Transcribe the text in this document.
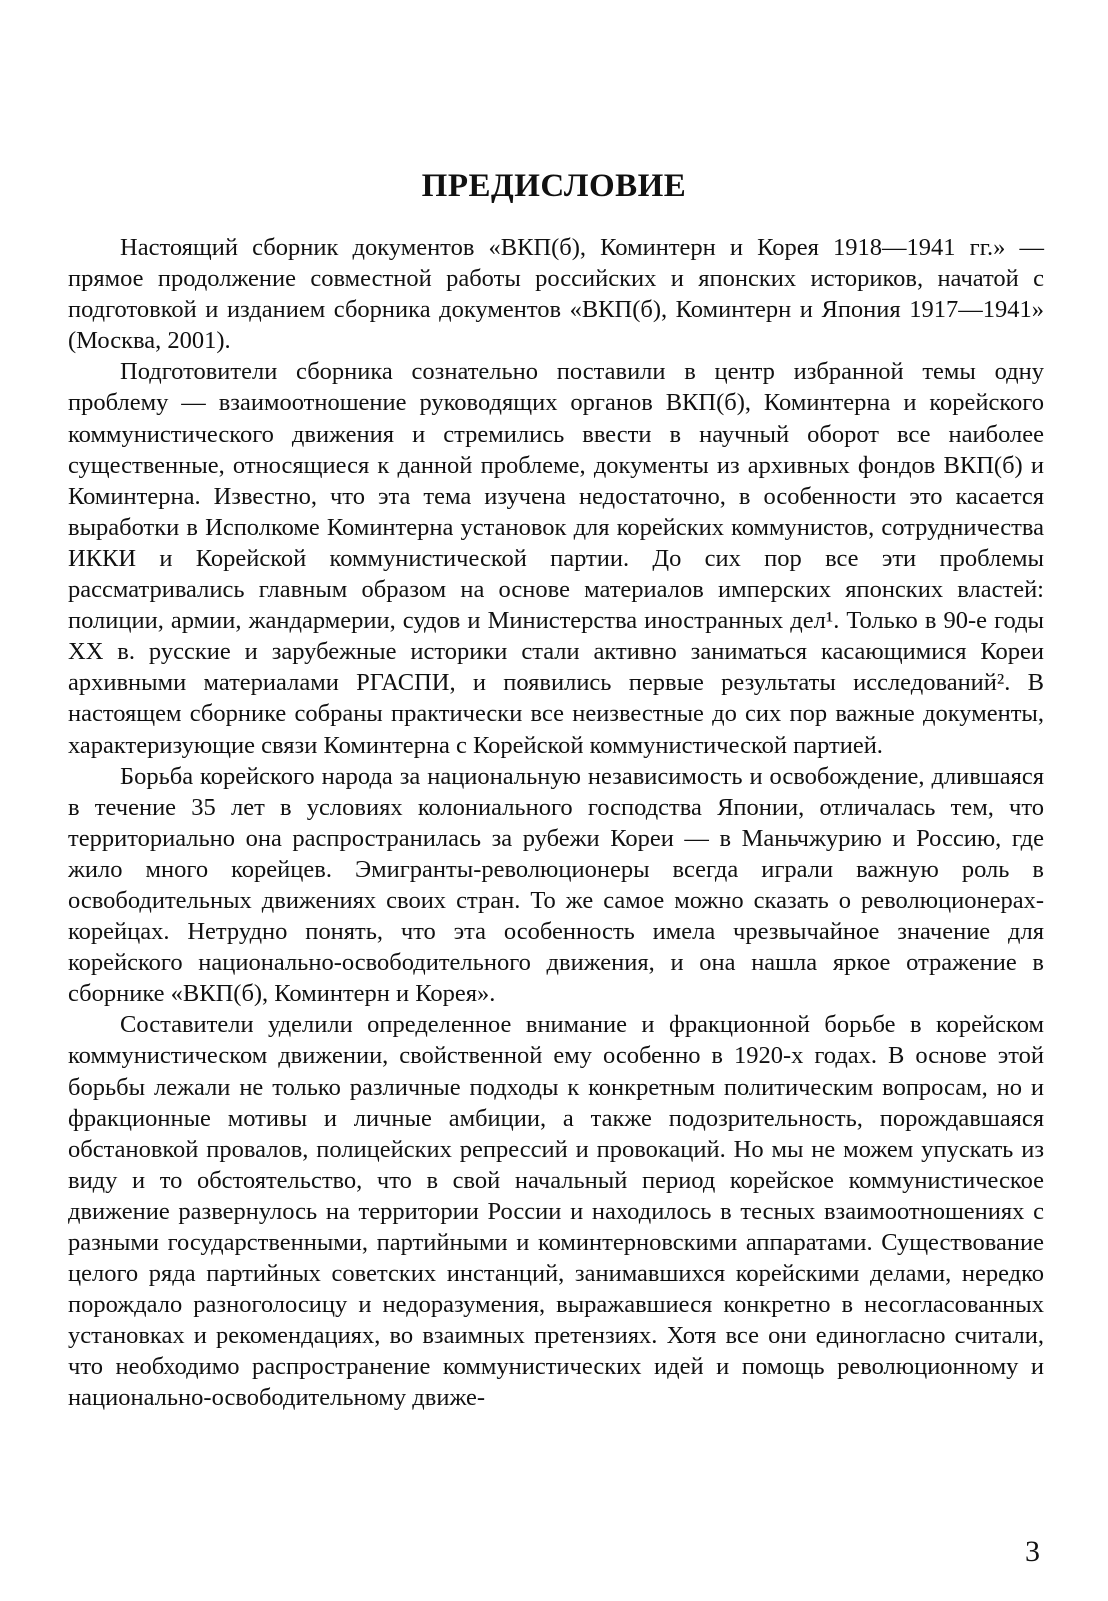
ПРЕДИСЛОВИЕ

Настоящий сборник документов «ВКП(б), Коминтерн и Корея 1918—1941 гг.» — прямое продолжение совместной работы российских и японских историков, начатой с подготовкой и изданием сборника документов «ВКП(б), Коминтерн и Япония 1917—1941» (Москва, 2001).

Подготовители сборника сознательно поставили в центр избранной темы одну проблему — взаимоотношение руководящих органов ВКП(б), Коминтерна и корейского коммунистического движения и стремились ввести в научный оборот все наиболее существенные, относящиеся к данной проблеме, документы из архивных фондов ВКП(б) и Коминтерна. Известно, что эта тема изучена недостаточно, в особенности это касается выработки в Исполкоме Коминтерна установок для корейских коммунистов, сотрудничества ИККИ и Корейской коммунистической партии. До сих пор все эти проблемы рассматривались главным образом на основе материалов имперских японских властей: полиции, армии, жандармерии, судов и Министерства иностранных дел¹. Только в 90-е годы XX в. русские и зарубежные историки стали активно заниматься касающимися Кореи архивными материалами РГАСПИ, и появились первые результаты исследований². В настоящем сборнике собраны практически все неизвестные до сих пор важные документы, характеризующие связи Коминтерна с Корейской коммунистической партией.

Борьба корейского народа за национальную независимость и освобождение, длившаяся в течение 35 лет в условиях колониального господства Японии, отличалась тем, что территориально она распространилась за рубежи Кореи — в Маньчжурию и Россию, где жило много корейцев. Эмигранты-революционеры всегда играли важную роль в освободительных движениях своих стран. То же самое можно сказать о революционерах-корейцах. Нетрудно понять, что эта особенность имела чрезвычайное значение для корейского национально-освободительного движения, и она нашла яркое отражение в сборнике «ВКП(б), Коминтерн и Корея».

Составители уделили определенное внимание и фракционной борьбе в корейском коммунистическом движении, свойственной ему особенно в 1920-х годах. В основе этой борьбы лежали не только различные подходы к конкретным политическим вопросам, но и фракционные мотивы и личные амбиции, а также подозрительность, порождавшаяся обстановкой провалов, полицейских репрессий и провокаций. Но мы не можем упускать из виду и то обстоятельство, что в свой начальный период корейское коммунистическое движение развернулось на территории России и находилось в тесных взаимоотношениях с разными государственными, партийными и коминтерновскими аппаратами. Существование целого ряда партийных советских инстанций, занимавшихся корейскими делами, нередко порождало разноголосицу и недоразумения, выражавшиеся конкретно в несогласованных установках и рекомендациях, во взаимных претензиях. Хотя все они единогласно считали, что необходимо распространение коммунистических идей и помощь революционному и национально-освободительному движе-

3
